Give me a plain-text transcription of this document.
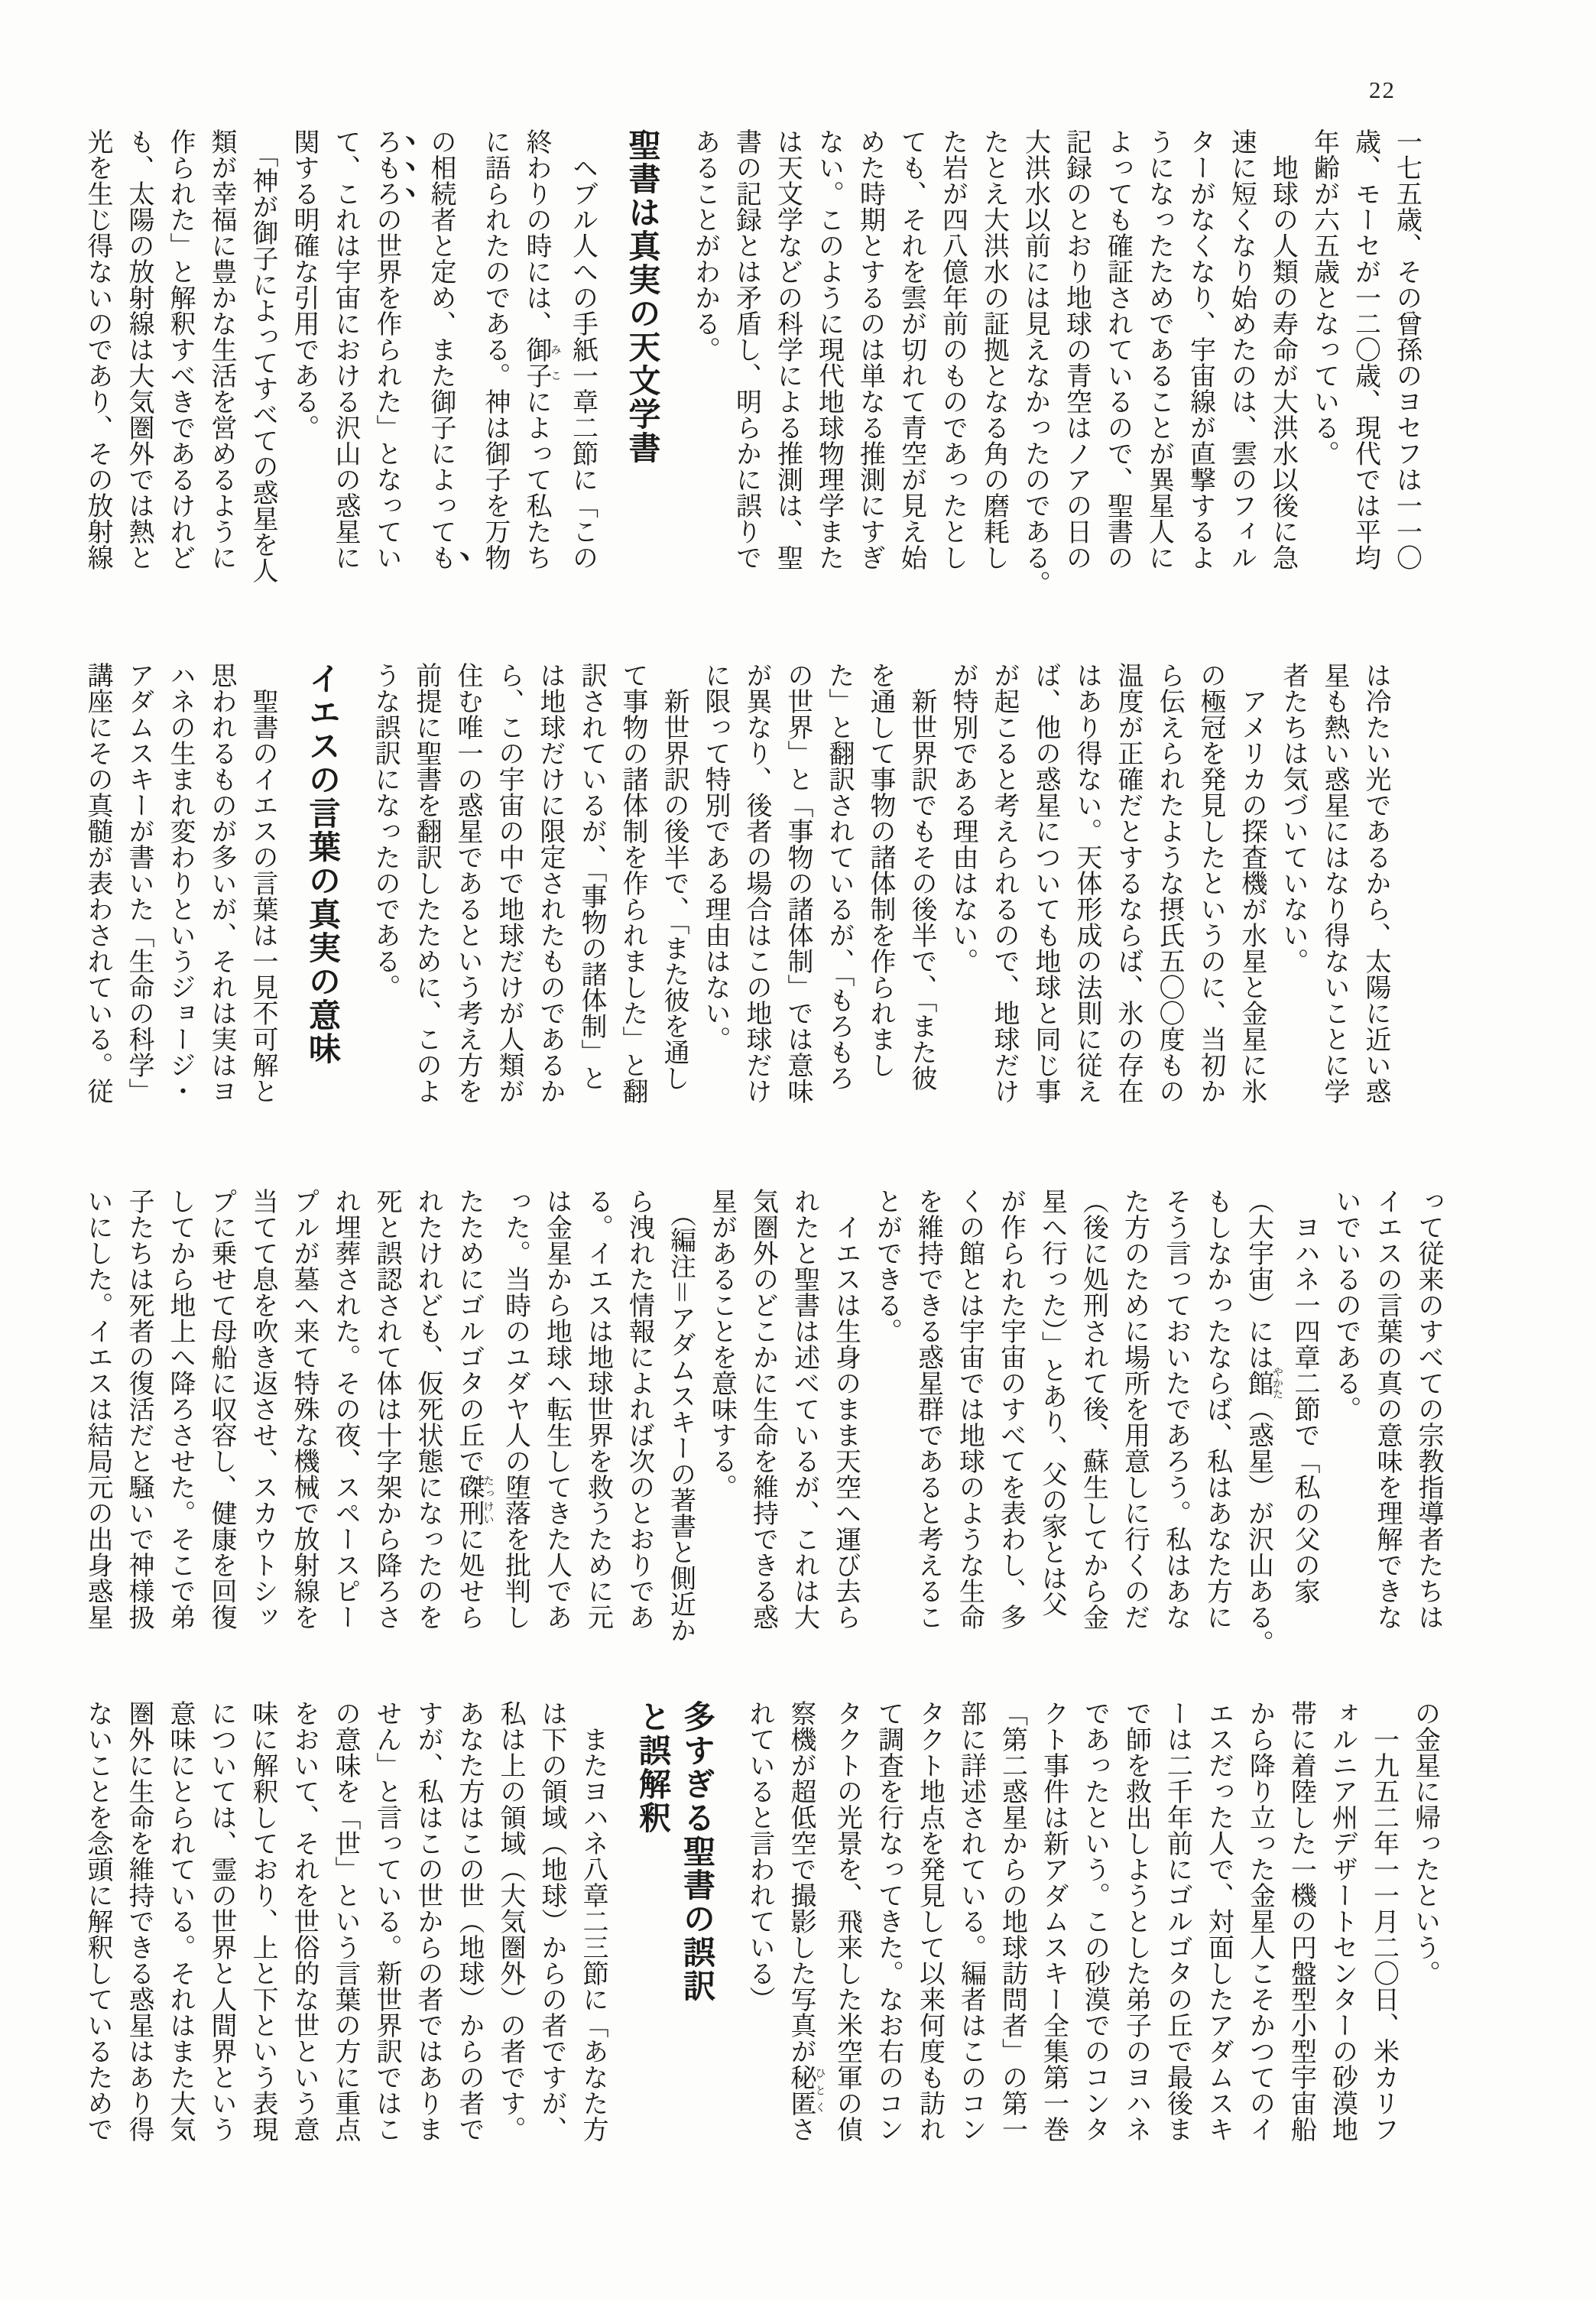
22

一七五歳、その曾孫のヨセフは一一〇

歳、モーセが一二〇歳、現代では平均

年齢が六五歳となっている。

　地球の人類の寿命が大洪水以後に急

速に短くなり始めたのは、雲のフィル

ターがなくなり、宇宙線が直撃するよ

うになったためであることが異星人に

よっても確証されているので、聖書の

記録のとおり地球の青空はノアの日の

大洪水以前には見えなかったのである。

たとえ大洪水の証拠となる角の磨耗し

た岩が四八億年前のものであったとし

ても、それを雲が切れて青空が見え始

めた時期とするのは単なる推測にすぎ

ない。このように現代地球物理学また

は天文学などの科学による推測は、聖

書の記録とは矛盾し、明らかに誤りで

あることがわかる。

聖書は真実の天文学書

　ヘブル人への手紙一章二節に「この

終わりの時には、御子みこによって私たち

に語られたのである。神は御子を万物

の相続者と定め、また御子によっても

ろもろの世界を作られた」となってい

て、これは宇宙における沢山の惑星に

関する明確な引用である。

　「神が御子によってすべての惑星を人

類が幸福に豊かな生活を営めるように

作られた」と解釈すべきであるけれど

も、太陽の放射線は大気圏外では熱と

光を生じ得ないのであり、その放射線

は冷たい光であるから、太陽に近い惑

星も熱い惑星にはなり得ないことに学

者たちは気づいていない。

　アメリカの探査機が水星と金星に氷

の極冠を発見したというのに、当初か

ら伝えられたような摂氏五〇〇度もの

温度が正確だとするならば、氷の存在

はあり得ない。天体形成の法則に従え

ば、他の惑星についても地球と同じ事

が起こると考えられるので、地球だけ

が特別である理由はない。

　新世界訳でもその後半で、「また彼

を通して事物の諸体制を作られまし

た」と翻訳されているが、「もろもろ

の世界」と「事物の諸体制」では意味

が異なり、後者の場合はこの地球だけ

に限って特別である理由はない。

　新世界訳の後半で、「また彼を通し

て事物の諸体制を作られました」と翻

訳されているが、「事物の諸体制」と

は地球だけに限定されたものであるか

ら、この宇宙の中で地球だけが人類が

住む唯一の惑星であるという考え方を

前提に聖書を翻訳したために、このよ

うな誤訳になったのである。

イエスの言葉の真実の意味

　聖書のイエスの言葉は一見不可解と

思われるものが多いが、それは実はヨ

ハネの生まれ変わりというジョージ・

アダムスキーが書いた「生命の科学」

講座にその真髄が表わされている。従

って従来のすべての宗教指導者たちは

イエスの言葉の真の意味を理解できな

いでいるのである。

　ヨハネ一四章二節で「私の父の家

（大宇宙）には館やかた（惑星）が沢山ある。

もしなかったならば、私はあなた方に

そう言っておいたであろう。私はあな

た方のために場所を用意しに行くのだ

（後に処刑されて後、蘇生してから金

星へ行った）」とあり、父の家とは父

が作られた宇宙のすべてを表わし、多

くの館とは宇宙では地球のような生命

を維持できる惑星群であると考えるこ

とができる。

　イエスは生身のまま天空へ運び去ら

れたと聖書は述べているが、これは大

気圏外のどこかに生命を維持できる惑

星があることを意味する。

　（編注＝アダムスキーの著書と側近か

ら洩れた情報によれば次のとおりであ

る。イエスは地球世界を救うために元

は金星から地球へ転生してきた人であ

った。当時のユダヤ人の堕落を批判し

たためにゴルゴタの丘で磔刑たっけいに処せら

れたけれども、仮死状態になったのを

死と誤認されて体は十字架から降ろさ

れ埋葬された。その夜、スペースピー

プルが墓へ来て特殊な機械で放射線を

当てて息を吹き返させ、スカウトシッ

プに乗せて母船に収容し、健康を回復

してから地上へ降ろさせた。そこで弟

子たちは死者の復活だと騒いで神様扱

いにした。イエスは結局元の出身惑星

の金星に帰ったという。

　一九五二年一一月二〇日、米カリフ

ォルニア州デザートセンターの砂漠地

帯に着陸した一機の円盤型小型宇宙船

から降り立った金星人こそかつてのイ

エスだった人で、対面したアダムスキ

ーは二千年前にゴルゴタの丘で最後ま

で師を救出しようとした弟子のヨハネ

であったという。この砂漠でのコンタ

クト事件は新アダムスキー全集第一巻

「第二惑星からの地球訪問者」の第一

部に詳述されている。編者はこのコン

タクト地点を発見して以来何度も訪れ

て調査を行なってきた。なお右のコン

タクトの光景を、飛来した米空軍の偵

察機が超低空で撮影した写真が秘匿ひとくさ

れていると言われている）

多すぎる聖書の誤訳と誤解釈

　またヨハネ八章二三節に「あなた方

は下の領域（地球）からの者ですが、

私は上の領域（大気圏外）の者です。

あなた方はこの世（地球）からの者で

すが、私はこの世からの者ではありま

せん」と言っている。新世界訳ではこ

の意味を「世」という言葉の方に重点

をおいて、それを世俗的な世という意

味に解釈しており、上と下という表現

については、霊の世界と人間界という

意味にとられている。それはまた大気

圏外に生命を維持できる惑星はあり得

ないことを念頭に解釈しているためで
